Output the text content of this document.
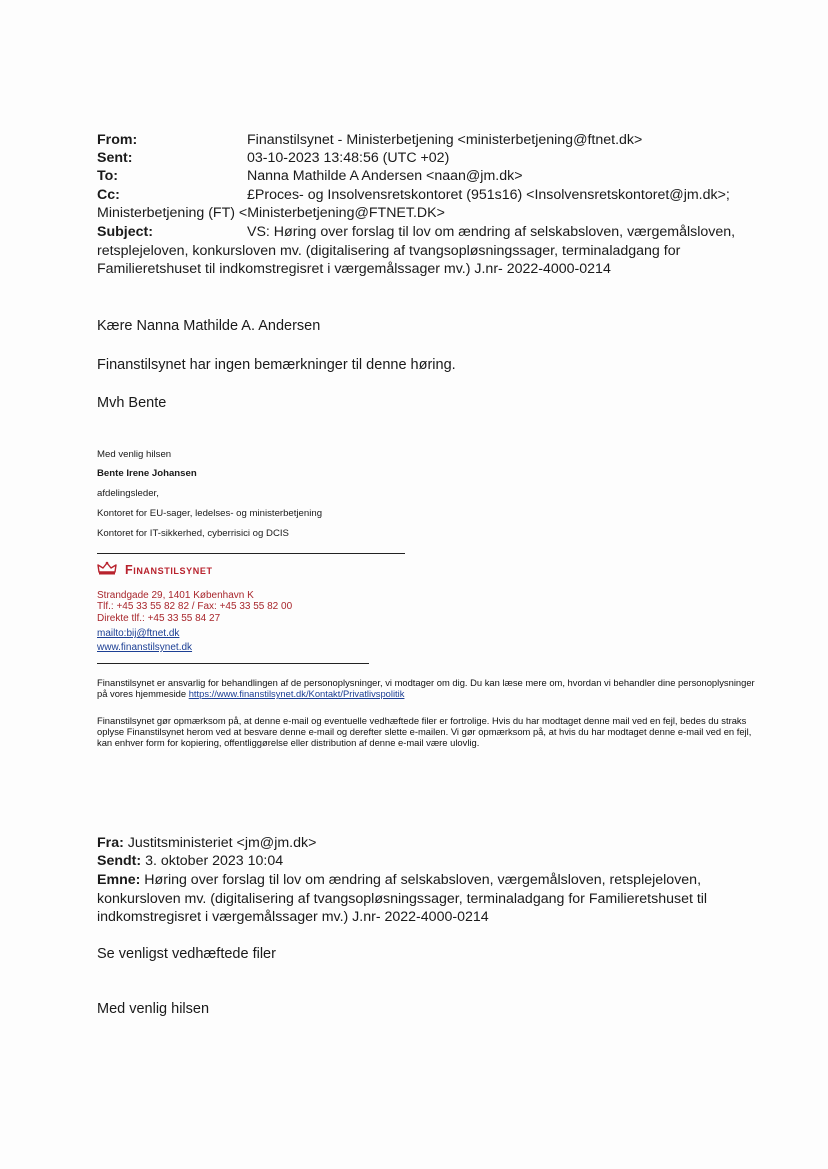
From:	Finanstilsynet - Ministerbetjening <ministerbetjening@ftnet.dk>
Sent:	03-10-2023 13:48:56 (UTC +02)
To:	Nanna Mathilde A Andersen <naan@jm.dk>
Cc:	£Proces- og Insolvensretskontoret (951s16) <Insolvensretskontoret@jm.dk>;
Ministerbetjening (FT) <Ministerbetjening@FTNET.DK>
Subject:	VS: Høring over forslag til lov om ændring af selskabsloven, værgemålsloven,
retsplejeloven, konkursloven mv. (digitalisering af tvangsopløsningssager, terminaladgang for
Familieretshuset til indkomstregisret i værgemålssager mv.) J.nr- 2022-4000-0214
Kære Nanna Mathilde A. Andersen
Finanstilsynet har ingen bemærkninger til denne høring.
Mvh Bente
Med venlig hilsen
Bente Irene Johansen
afdelingsleder,
Kontoret for EU-sager, ledelses- og ministerbetjening
Kontoret for IT-sikkerhed, cyberrisici og DCIS
Finanstilsynet
Strandgade 29, 1401 København K
Tlf.: +45 33 55 82 82 / Fax: +45 33 55 82 00
Direkte tlf.: +45 33 55 84 27
mailto:bij@ftnet.dk
www.finanstilsynet.dk
Finanstilsynet er ansvarlig for behandlingen af de personoplysninger, vi modtager om dig. Du kan læse mere om, hvordan vi behandler dine personoplysninger på vores hjemmeside https://www.finanstilsynet.dk/Kontakt/Privatlivspolitik
Finanstilsynet gør opmærksom på, at denne e-mail og eventuelle vedhæftede filer er fortrolige. Hvis du har modtaget denne mail ved en fejl, bedes du straks oplyse Finanstilsynet herom ved at besvare denne e-mail og derefter slette e-mailen. Vi gør opmærksom på, at hvis du har modtaget denne e-mail ved en fejl, kan enhver form for kopiering, offentliggørelse eller distribution af denne e-mail være ulovlig.
Fra: Justitsministeriet <jm@jm.dk>
Sendt: 3. oktober 2023 10:04
Emne: Høring over forslag til lov om ændring af selskabsloven, værgemålsloven, retsplejeloven, konkursloven mv. (digitalisering af tvangsopløsningssager, terminaladgang for Familieretshuset til indkomstregisret i værgemålssager mv.) J.nr- 2022-4000-0214
Se venligst vedhæftede filer
Med venlig hilsen
